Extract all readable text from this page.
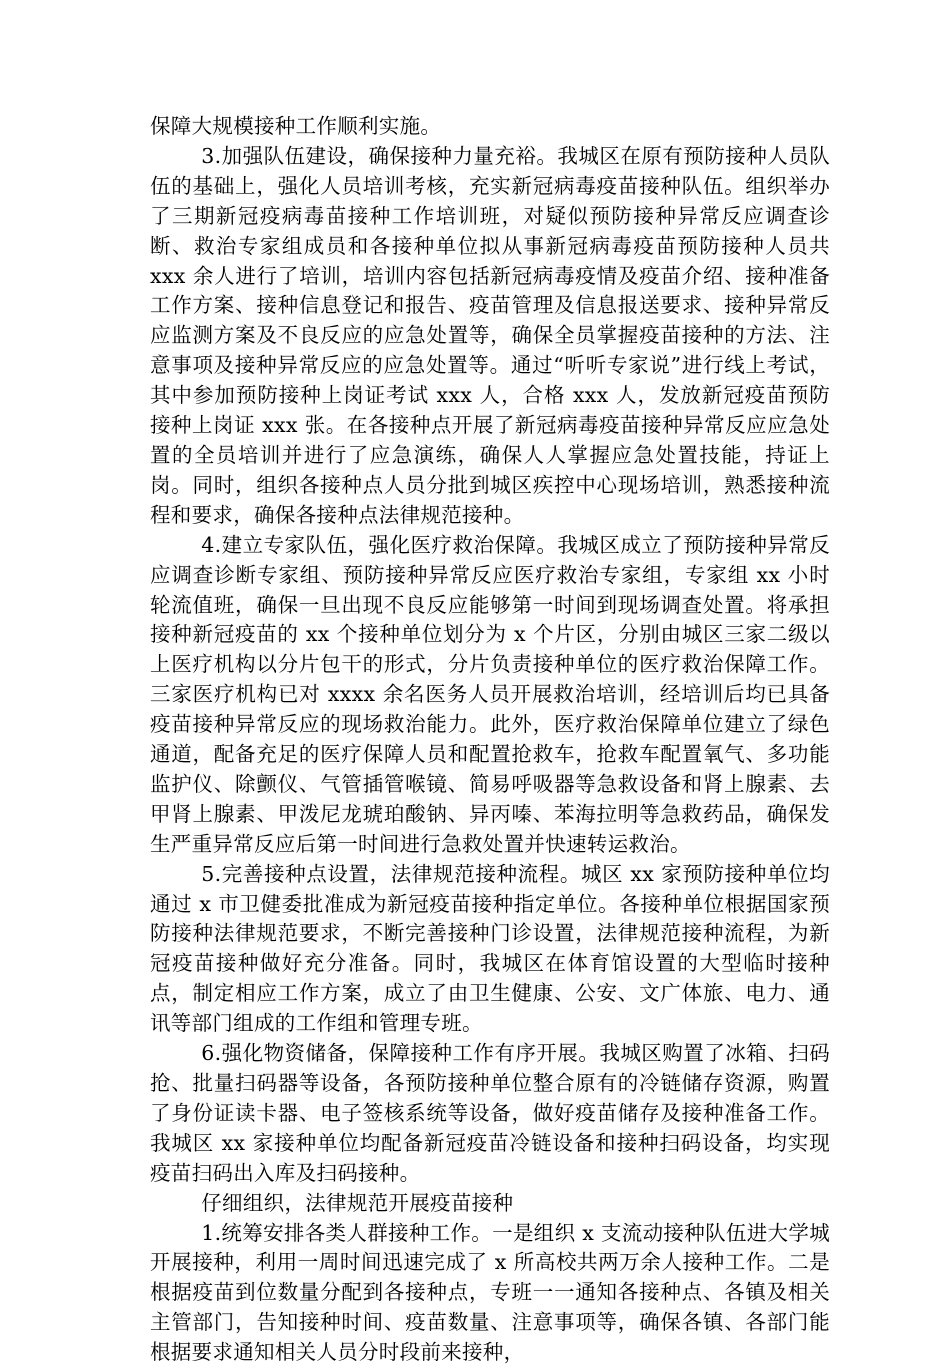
保障大规模接种工作顺利实施。

3.加强队伍建设，确保接种力量充裕。我城区在原有预防接种人员队伍的基础上，强化人员培训考核，充实新冠病毒疫苗接种队伍。组织举办了三期新冠疫病毒苗接种工作培训班，对疑似预防接种异常反应调查诊断、救治专家组成员和各接种单位拟从事新冠病毒疫苗预防接种人员共 xxx 余人进行了培训，培训内容包括新冠病毒疫情及疫苗介绍、接种准备工作方案、接种信息登记和报告、疫苗管理及信息报送要求、接种异常反应监测方案及不良反应的应急处置等，确保全员掌握疫苗接种的方法、注意事项及接种异常反应的应急处置等。通过“听听专家说”进行线上考试，其中参加预防接种上岗证考试 xxx 人，合格 xxx 人，发放新冠疫苗预防接种上岗证 xxx 张。在各接种点开展了新冠病毒疫苗接种异常反应应急处置的全员培训并进行了应急演练，确保人人掌握应急处置技能，持证上岗。同时，组织各接种点人员分批到城区疾控中心现场培训，熟悉接种流程和要求，确保各接种点法律规范接种。

4.建立专家队伍，强化医疗救治保障。我城区成立了预防接种异常反应调查诊断专家组、预防接种异常反应医疗救治专家组，专家组 xx 小时轮流值班，确保一旦出现不良反应能够第一时间到现场调查处置。将承担接种新冠疫苗的 xx 个接种单位划分为 x 个片区，分别由城区三家二级以上医疗机构以分片包干的形式，分片负责接种单位的医疗救治保障工作。三家医疗机构已对 xxxx 余名医务人员开展救治培训，经培训后均已具备疫苗接种异常反应的现场救治能力。此外，医疗救治保障单位建立了绿色通道，配备充足的医疗保障人员和配置抢救车，抢救车配置氧气、多功能监护仪、除颤仪、气管插管喉镜、简易呼吸器等急救设备和肾上腺素、去甲肾上腺素、甲泼尼龙琥珀酸钠、异丙嗪、苯海拉明等急救药品，确保发生严重异常反应后第一时间进行急救处置并快速转运救治。

5.完善接种点设置，法律规范接种流程。城区 xx 家预防接种单位均通过 x 市卫健委批准成为新冠疫苗接种指定单位。各接种单位根据国家预防接种法律规范要求，不断完善接种门诊设置，法律规范接种流程，为新冠疫苗接种做好充分准备。同时，我城区在体育馆设置的大型临时接种点，制定相应工作方案，成立了由卫生健康、公安、文广体旅、电力、通讯等部门组成的工作组和管理专班。

6.强化物资储备，保障接种工作有序开展。我城区购置了冰箱、扫码抢、批量扫码器等设备，各预防接种单位整合原有的冷链储存资源，购置了身份证读卡器、电子签核系统等设备，做好疫苗储存及接种准备工作。我城区 xx 家接种单位均配备新冠疫苗冷链设备和接种扫码设备，均实现疫苗扫码出入库及扫码接种。

仔细组织，法律规范开展疫苗接种

1.统筹安排各类人群接种工作。一是组织 x 支流动接种队伍进大学城开展接种，利用一周时间迅速完成了 x 所高校共两万余人接种工作。二是根据疫苗到位数量分配到各接种点，专班一一通知各接种点、各镇及相关主管部门，告知接种时间、疫苗数量、注意事项等，确保各镇、各部门能根据要求通知相关人员分时段前来接种，
